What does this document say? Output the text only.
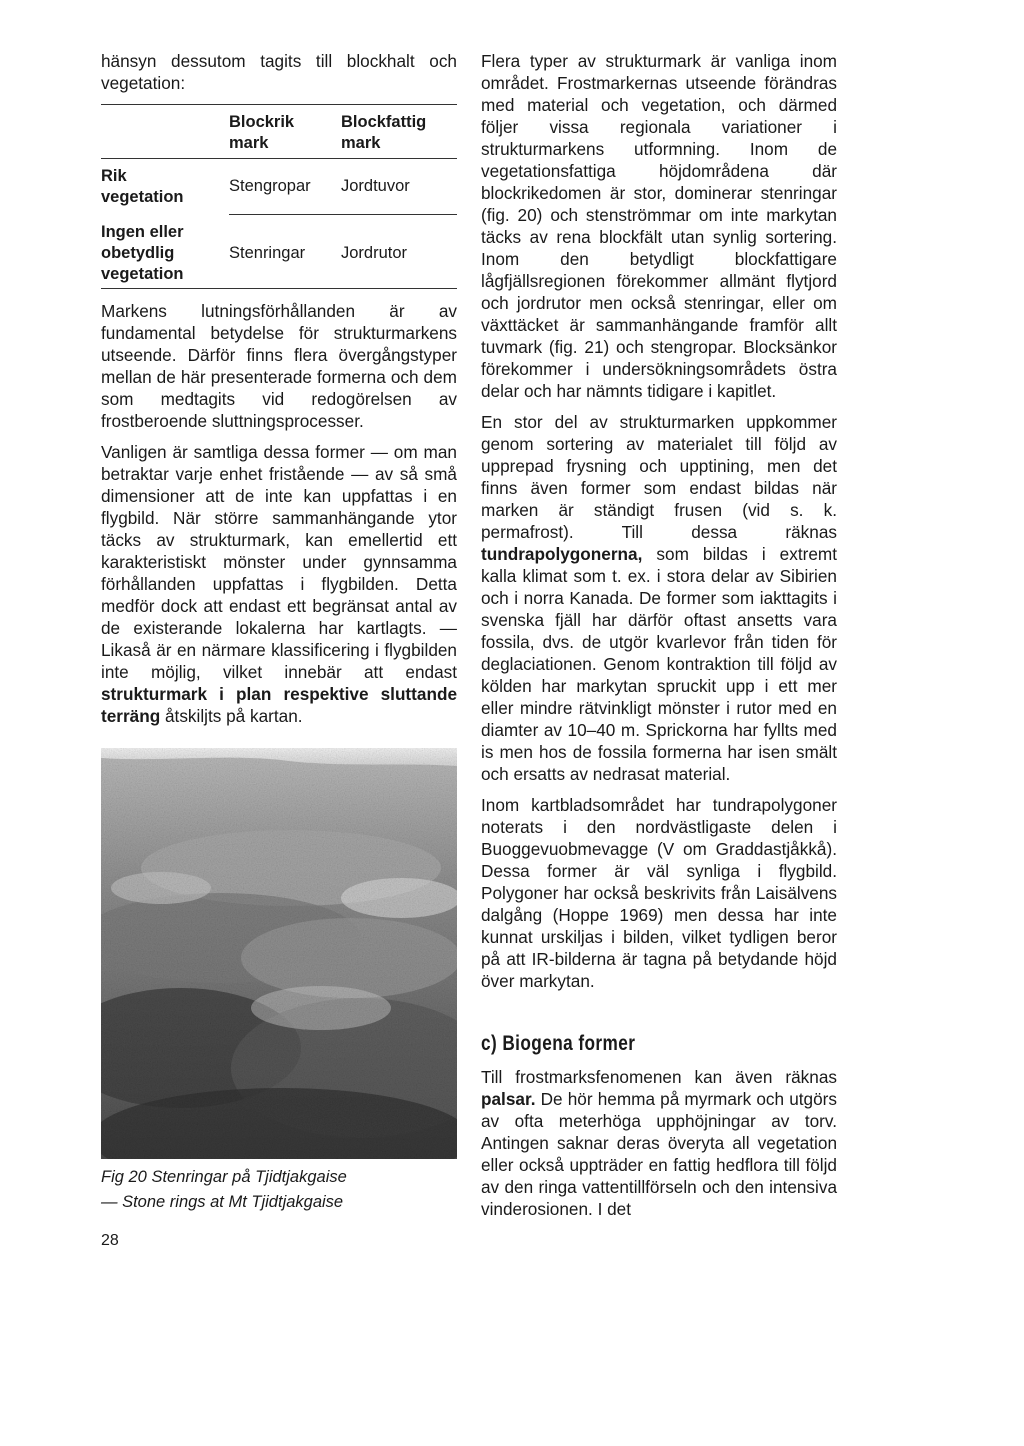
hänsyn dessutom tagits till blockhalt och vegetation:

Blockrik mark
Blockfattig mark
Rik vegetation
Stengropar Jordtuvor
Ingen eller obetydlig vegetation
Stenringar Jordrutor

Markens lutningsförhållanden är av fundamental betydelse för strukturmarkens utseende. Därför finns flera övergångstyper mellan de här presenterade formerna och dem som medtagits vid redogörelsen av frostberoende sluttningsprocesser.

Vanligen är samtliga dessa former — om man betraktar varje enhet fristående — av så små dimensioner att de inte kan uppfattas i en flygbild. När större sammanhängande ytor täcks av strukturmark, kan emellertid ett karakteristiskt mönster under gynnsamma förhållanden uppfattas i flygbilden. Detta medför dock att endast ett begränsat antal av de existerande lokalerna har kartlagts. — Likaså är en närmare klassificering i flygbilden inte möjlig, vilket innebär att endast strukturmark i plan respektive sluttande terräng åtskiljts på kartan.

Fig 20 Stenringar på Tjidtjakgaise
— Stone rings at Mt Tjidtjakgaise
28

Flera typer av strukturmark är vanliga inom området. Frostmarkernas utseende förändras med material och vegetation, och därmed följer vissa regionala variationer i strukturmarkens utformning. Inom de vegetationsfattiga höjdområdena där blockrikedomen är stor, dominerar stenringar (fig. 20) och stenströmmar om inte markytan täcks av rena blockfält utan synlig sortering. Inom den betydligt blockfattigare lågfjällsregionen förekommer allmänt flytjord och jordrutor men också stenringar, eller om växttäcket är sammanhängande framför allt tuvmark (fig. 21) och stengropar. Blocksänkor förekommer i undersökningsområdets östra delar och har nämnts tidigare i kapitlet.

En stor del av strukturmarken uppkommer genom sortering av materialet till följd av upprepad frysning och upptining, men det finns även former som endast bildas när marken är ständigt frusen (vid s. k. permafrost). Till dessa räknas tundrapolygonerna, som bildas i extremt kalla klimat som t. ex. i stora delar av Sibirien och i norra Kanada. De former som iakttagits i svenska fjäll har därför oftast ansetts vara fossila, dvs. de utgör kvarlevor från tiden för deglaciationen. Genom kontraktion till följd av kölden har markytan spruckit upp i ett mer eller mindre rätvinkligt mönster i rutor med en diamter av 10–40 m. Sprickorna har fyllts med is men hos de fossila formerna har isen smält och ersatts av nedrasat material.

Inom kartbladsområdet har tundrapolygoner noterats i den nordvästligaste delen i Buoggevuobmevagge (V om Graddastjåkkå). Dessa former är väl synliga i flygbild. Polygoner har också beskrivits från Laisälvens dalgång (Hoppe 1969) men dessa har inte kunnat urskiljas i bilden, vilket tydligen beror på att IR-bilderna är tagna på betydande höjd över markytan.

c) Biogena former

Till frostmarksfenomenen kan även räknas palsar. De hör hemma på myrmark och utgörs av ofta meterhöga upphöjningar av torv. Antingen saknar deras överyta all vegetation eller också uppträder en fattig hedflora till följd av den ringa vattentillförseln och den intensiva vinderosionen. I det
